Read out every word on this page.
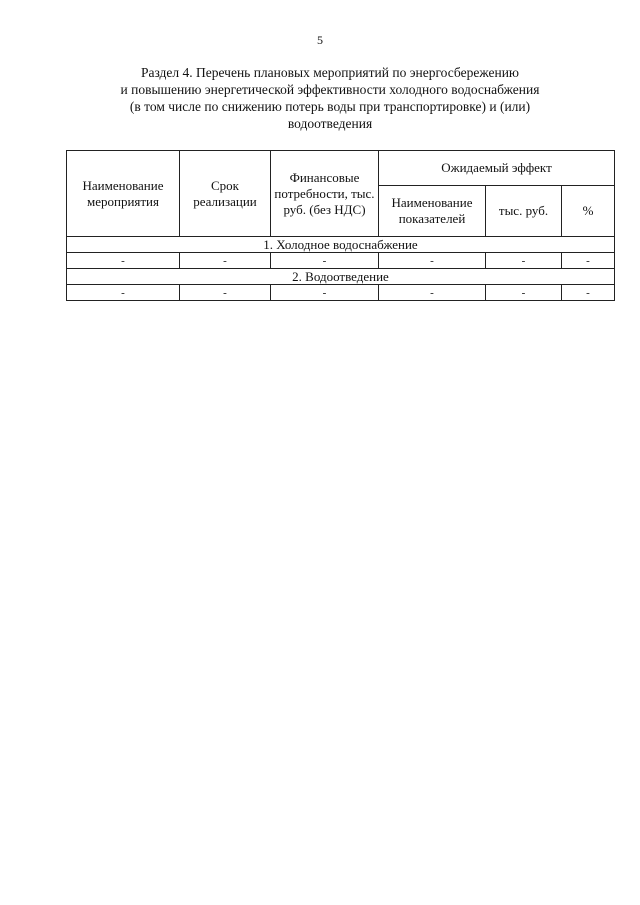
5
Раздел 4. Перечень плановых мероприятий по энергосбережению
и повышению энергетической эффективности холодного водоснабжения
(в том числе по снижению потерь воды при транспортировке) и (или)
водоотведения
Наименование мероприятия	Срок реализации	Финансовые потребности, тыс. руб. (без НДС)	Ожидаемый эффект		
			Наименование показателей	тыс. руб.	%
1. Холодное водоснабжение					
-	-	-	-	-	-
2. Водоотведение					
-	-	-	-	-	-
